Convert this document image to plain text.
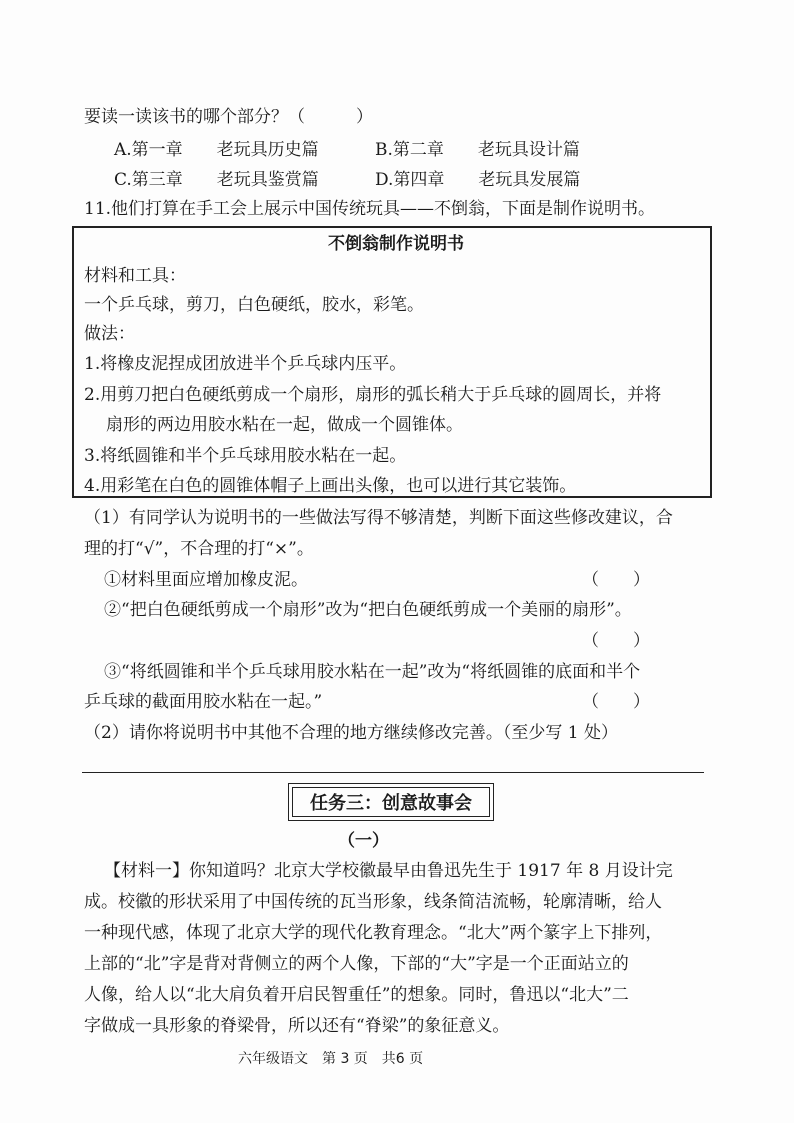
要读一读该书的哪个部分？（　　　）
A.第一章　　老玩具历史篇	B.第二章　　老玩具设计篇
C.第三章　　老玩具鉴赏篇	D.第四章　　老玩具发展篇
11.他们打算在手工会上展示中国传统玩具——不倒翁，下面是制作说明书。
不倒翁制作说明书
材料和工具：
一个乒乓球，剪刀，白色硬纸，胶水，彩笔。
做法：
1.将橡皮泥捏成团放进半个乒乓球内压平。
2.用剪刀把白色硬纸剪成一个扇形，扇形的弧长稍大于乒乓球的圆周长，并将
扇形的两边用胶水粘在一起，做成一个圆锥体。
3.将纸圆锥和半个乒乓球用胶水粘在一起。
4.用彩笔在白色的圆锥体帽子上画出头像，也可以进行其它装饰。
（1）有同学认为说明书的一些做法写得不够清楚，判断下面这些修改建议，合
理的打“√”，不合理的打“×”。
①材料里面应增加橡皮泥。	（　　）
②“把白色硬纸剪成一个扇形”改为“把白色硬纸剪成一个美丽的扇形”。
（　　）
③“将纸圆锥和半个乒乓球用胶水粘在一起”改为“将纸圆锥的底面和半个
乒乓球的截面用胶水粘在一起。”	（　　）
（2）请你将说明书中其他不合理的地方继续修改完善。（至少写 1 处）
任务三：创意故事会
（一）
【材料一】你知道吗？北京大学校徽最早由鲁迅先生于 1917 年 8 月设计完
成。校徽的形状采用了中国传统的瓦当形象，线条简洁流畅，轮廓清晰，给人
一种现代感，体现了北京大学的现代化教育理念。“北大”两个篆字上下排列，
上部的“北”字是背对背侧立的两个人像，下部的“大”字是一个正面站立的
人像，给人以“北大肩负着开启民智重任”的想象。同时，鲁迅以“北大”二
字做成一具形象的脊梁骨，所以还有“脊梁”的象征意义。
六年级语文　第 3 页　共6 页
